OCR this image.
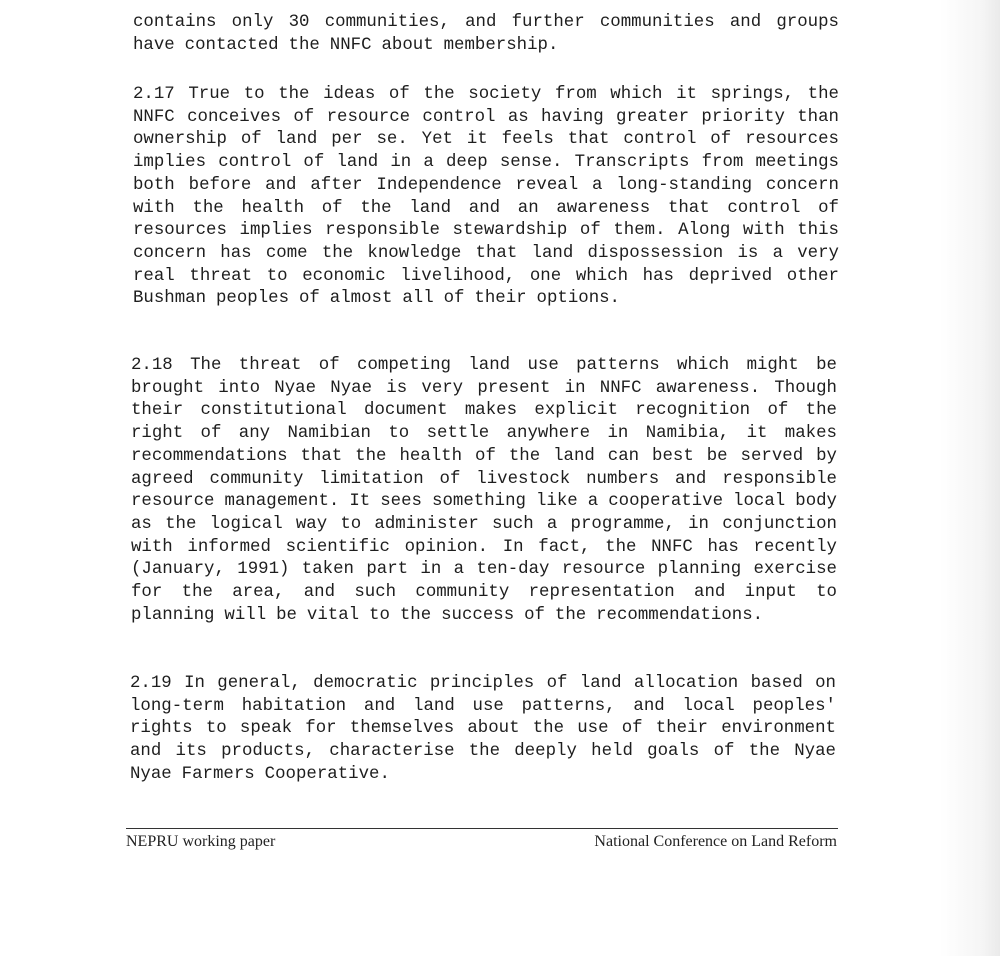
contains only 30 communities, and further communities and groups have contacted the NNFC about membership.

2.17 True to the ideas of the society from which it springs, the NNFC conceives of resource control as having greater priority than ownership of land per se. Yet it feels that control of resources implies control of land in a deep sense. Transcripts from meetings both before and after Independence reveal a long-standing concern with the health of the land and an awareness that control of resources implies responsible stewardship of them. Along with this concern has come the knowledge that land dispossession is a very real threat to economic livelihood, one which has deprived other Bushman peoples of almost all of their options.

2.18 The threat of competing land use patterns which might be brought into Nyae Nyae is very present in NNFC awareness. Though their constitutional document makes explicit recognition of the right of any Namibian to settle anywhere in Namibia, it makes recommendations that the health of the land can best be served by agreed community limitation of livestock numbers and responsible resource management. It sees something like a cooperative local body as the logical way to administer such a programme, in conjunction with informed scientific opinion. In fact, the NNFC has recently (January, 1991) taken part in a ten-day resource planning exercise for the area, and such community representation and input to planning will be vital to the success of the recommendations.

2.19 In general, democratic principles of land allocation based on long-term habitation and land use patterns, and local peoples' rights to speak for themselves about the use of their environment and its products, characterise the deeply held goals of the Nyae Nyae Farmers Cooperative.

NEPRU working paper	National Conference on Land Reform
